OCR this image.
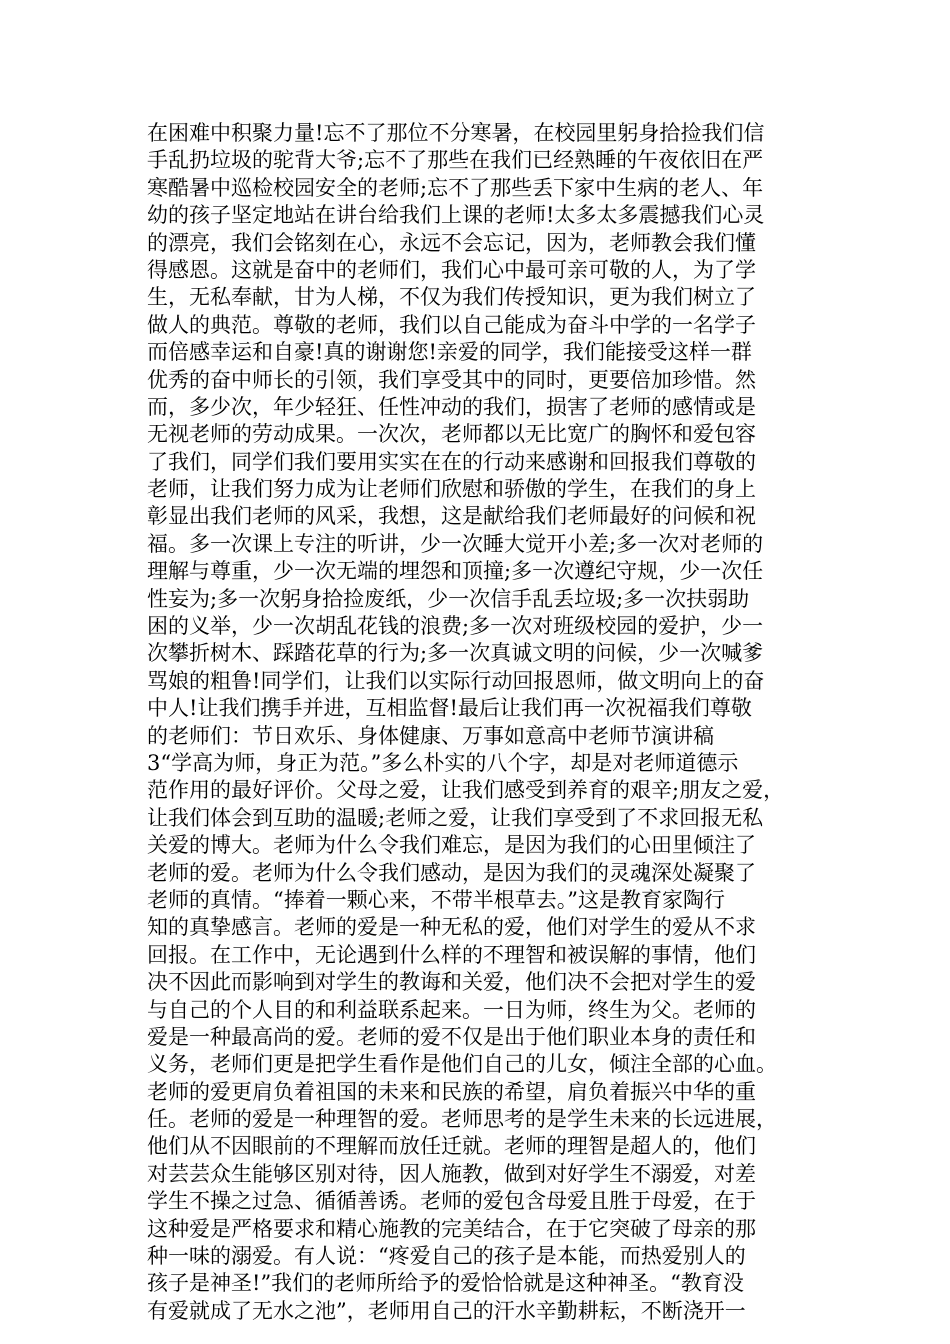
在困难中积聚力量!忘不了那位不分寒暑，在校园里躬身拾捡我们信
手乱扔垃圾的驼背大爷;忘不了那些在我们已经熟睡的午夜依旧在严
寒酷暑中巡检校园安全的老师;忘不了那些丢下家中生病的老人、年
幼的孩子坚定地站在讲台给我们上课的老师!太多太多震撼我们心灵
的漂亮，我们会铭刻在心，永远不会忘记，因为，老师教会我们懂
得感恩。这就是奋中的老师们，我们心中最可亲可敬的人，为了学
生，无私奉献，甘为人梯，不仅为我们传授知识，更为我们树立了
做人的典范。尊敬的老师，我们以自己能成为奋斗中学的一名学子
而倍感幸运和自豪!真的谢谢您!亲爱的同学，我们能接受这样一群
优秀的奋中师长的引领，我们享受其中的同时，更要倍加珍惜。然
而，多少次，年少轻狂、任性冲动的我们，损害了老师的感情或是
无视老师的劳动成果。一次次，老师都以无比宽广的胸怀和爱包容
了我们，同学们我们要用实实在在的行动来感谢和回报我们尊敬的
老师，让我们努力成为让老师们欣慰和骄傲的学生，在我们的身上
彰显出我们老师的风采，我想，这是献给我们老师最好的问候和祝
福。多一次课上专注的听讲，少一次睡大觉开小差;多一次对老师的
理解与尊重，少一次无端的埋怨和顶撞;多一次遵纪守规，少一次任
性妄为;多一次躬身拾捡废纸，少一次信手乱丢垃圾;多一次扶弱助
困的义举，少一次胡乱花钱的浪费;多一次对班级校园的爱护，少一
次攀折树木、踩踏花草的行为;多一次真诚文明的问候，少一次喊爹
骂娘的粗鲁!同学们，让我们以实际行动回报恩师，做文明向上的奋
中人!让我们携手并进，互相监督!最后让我们再一次祝福我们尊敬
的老师们：节日欢乐、身体健康、万事如意高中老师节演讲稿
3“学高为师，身正为范。”多么朴实的八个字，却是对老师道德示
范作用的最好评价。父母之爱，让我们感受到养育的艰辛;朋友之爱，
让我们体会到互助的温暖;老师之爱，让我们享受到了不求回报无私
关爱的博大。老师为什么令我们难忘，是因为我们的心田里倾注了
老师的爱。老师为什么令我们感动，是因为我们的灵魂深处凝聚了
老师的真情。“捧着一颗心来，不带半根草去。”这是教育家陶行
知的真挚感言。老师的爱是一种无私的爱，他们对学生的爱从不求
回报。在工作中，无论遇到什么样的不理智和被误解的事情，他们
决不因此而影响到对学生的教诲和关爱，他们决不会把对学生的爱
与自己的个人目的和利益联系起来。一日为师，终生为父。老师的
爱是一种最高尚的爱。老师的爱不仅是出于他们职业本身的责任和
义务，老师们更是把学生看作是他们自己的儿女，倾注全部的心血。
老师的爱更肩负着祖国的未来和民族的希望，肩负着振兴中华的重
任。老师的爱是一种理智的爱。老师思考的是学生未来的长远进展，
他们从不因眼前的不理解而放任迁就。老师的理智是超人的，他们
对芸芸众生能够区别对待，因人施教，做到对好学生不溺爱，对差
学生不操之过急、循循善诱。老师的爱包含母爱且胜于母爱，在于
这种爱是严格要求和精心施教的完美结合，在于它突破了母亲的那
种一味的溺爱。有人说：“疼爱自己的孩子是本能，而热爱别人的
孩子是神圣!”我们的老师所给予的爱恰恰就是这种神圣。“教育没
有爱就成了无水之池”，老师用自己的汗水辛勤耕耘，不断浇开一
